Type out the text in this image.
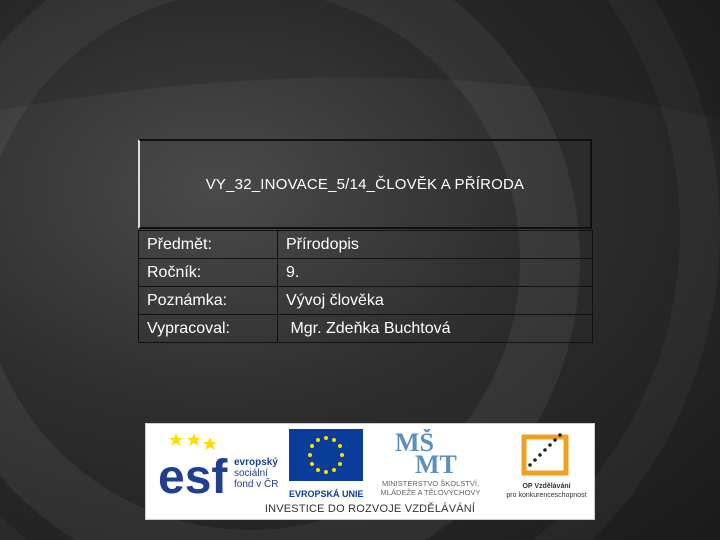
VY_32_INOVACE_5/14_ČLOVĚK A PŘÍRODA
Předmět:	Přírodopis
Ročník:	9.
Poznámka:	Vývoj člověka
Vypracoval:	Mgr. Zdeňka Buchtová
esf evropský
sociální
fond v ČR
EVROPSKÁ UNIE
MŠ
MT
MINISTERSTVO ŠKOLSTVÍ,
MLÁDEŽE A TĚLOVÝCHOVY
OP Vzdělávání
pro konkurenceschopnost
INVESTICE DO ROZVOJE VZDĚLÁVÁNÍ
